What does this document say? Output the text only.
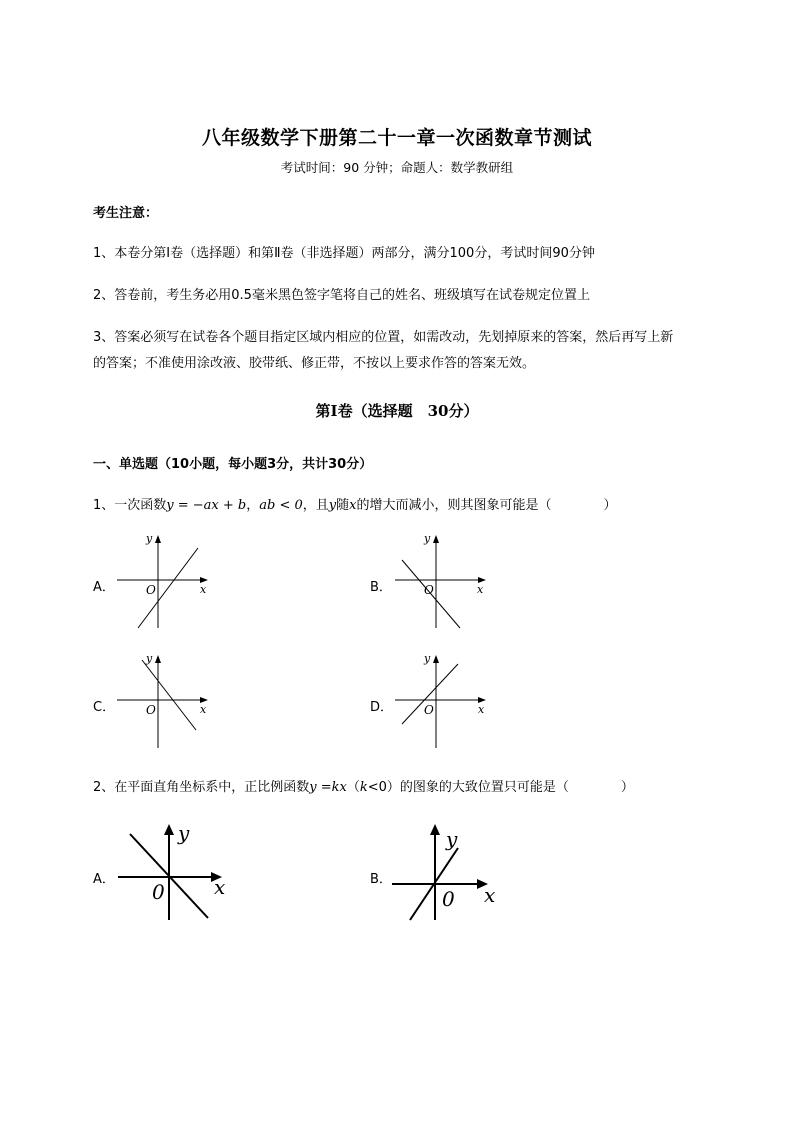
八年级数学下册第二十一章一次函数章节测试
考试时间：90 分钟；命题人：数学教研组
考生注意：
1、本卷分第Ⅰ卷（选择题）和第Ⅱ卷（非选择题）两部分，满分100分，考试时间90分钟
2、答卷前，考生务必用0.5毫米黑色签字笔将自己的姓名、班级填写在试卷规定位置上
3、答案必须写在试卷各个题目指定区域内相应的位置，如需改动，先划掉原来的答案，然后再写上新
的答案；不准使用涂改液、胶带纸、修正带，不按以上要求作答的答案无效。
第Ⅰ卷（选择题　30分）
一、单选题（10小题，每小题3分，共计30分）
1、一次函数y = −ax + b，ab < 0，且y随x的增大而减小，则其图象可能是（　　　　）
A．
y
x
O	B．
y
x
O
C．
y
x
O	D．
y
x
O
2、在平面直角坐标系中，正比例函数y =kx（k<0）的图象的大致位置只可能是（　　　　）
A．
y
x
0
B．
y
x
0
